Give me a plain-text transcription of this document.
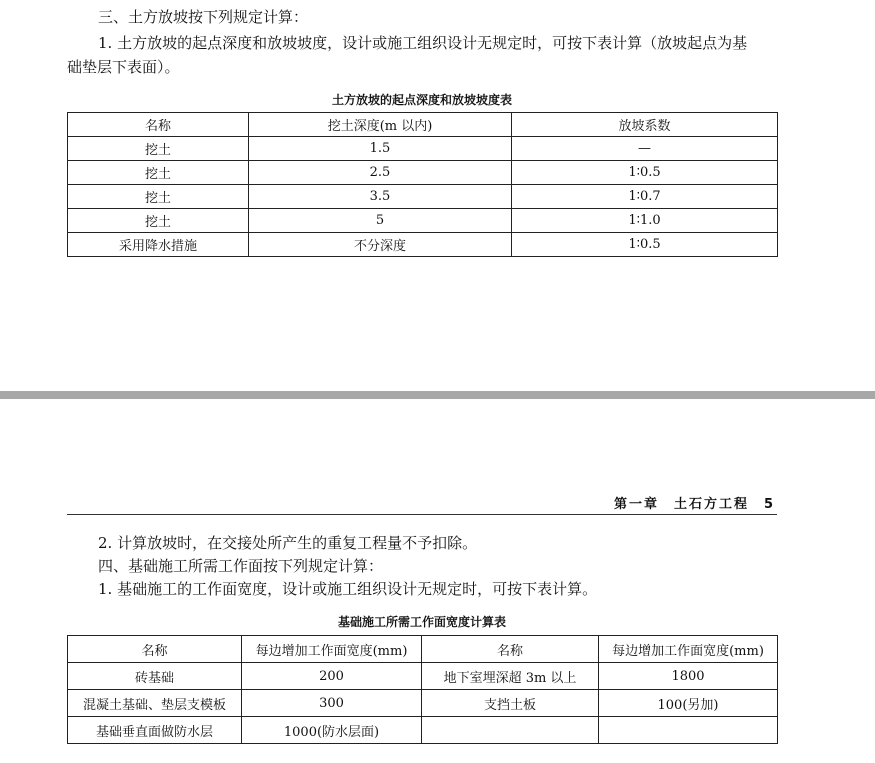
三、土方放坡按下列规定计算：
1. 土方放坡的起点深度和放坡坡度，设计或施工组织设计无规定时，可按下表计算（放坡起点为基
础垫层下表面）。
土方放坡的起点深度和放坡坡度表
名称	挖土深度(m 以内)	放坡系数
挖土	1.5	—
挖土	2.5	1∶0.5
挖土	3.5	1∶0.7
挖土	5	1∶1.0
采用降水措施	不分深度	1∶0.5
第一章　土石方工程　5
2. 计算放坡时，在交接处所产生的重复工程量不予扣除。
四、基础施工所需工作面按下列规定计算：
1. 基础施工的工作面宽度，设计或施工组织设计无规定时，可按下表计算。
基础施工所需工作面宽度计算表
名称	每边增加工作面宽度(mm)	名称	每边增加工作面宽度(mm)
砖基础	200	地下室埋深超 3m 以上	1800
混凝土基础、垫层支模板	300	支挡土板	100(另加)
基础垂直面做防水层	1000(防水层面)		
